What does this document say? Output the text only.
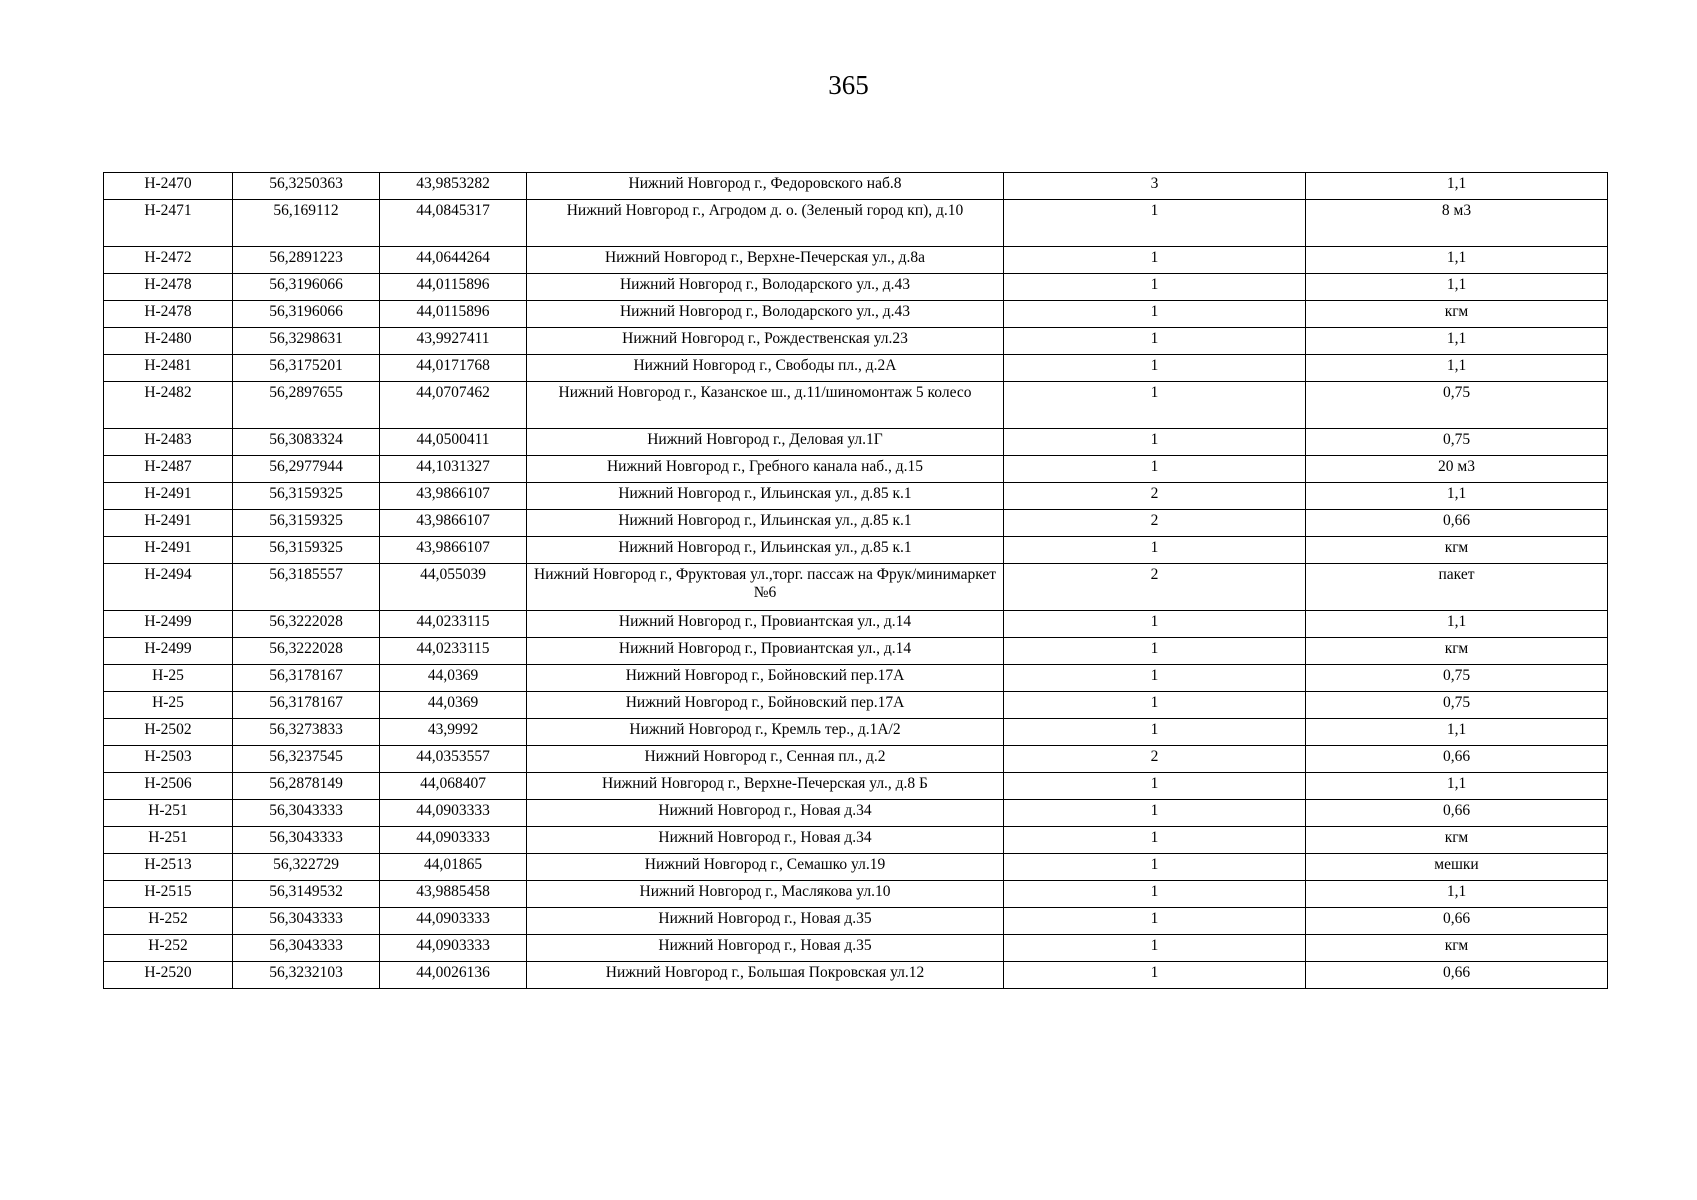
365
Н-2470	56,3250363	43,9853282	Нижний Новгород г., Федоровского наб.8	3	1,1
Н-2471	56,169112	44,0845317	Нижний Новгород г., Агродом д. о. (Зеленый город кп), д.10	1	8 м3
Н-2472	56,2891223	44,0644264	Нижний Новгород г., Верхне-Печерская ул., д.8а	1	1,1
Н-2478	56,3196066	44,0115896	Нижний Новгород г., Володарского ул., д.43	1	1,1
Н-2478	56,3196066	44,0115896	Нижний Новгород г., Володарского ул., д.43	1	кгм
Н-2480	56,3298631	43,9927411	Нижний Новгород г., Рождественская ул.23	1	1,1
Н-2481	56,3175201	44,0171768	Нижний Новгород г., Свободы пл., д.2А	1	1,1
Н-2482	56,2897655	44,0707462	Нижний Новгород г., Казанское ш., д.11/шиномонтаж 5 колесо	1	0,75
Н-2483	56,3083324	44,0500411	Нижний Новгород г., Деловая ул.1Г	1	0,75
Н-2487	56,2977944	44,1031327	Нижний Новгород г., Гребного канала наб., д.15	1	20 м3
Н-2491	56,3159325	43,9866107	Нижний Новгород г., Ильинская ул., д.85 к.1	2	1,1
Н-2491	56,3159325	43,9866107	Нижний Новгород г., Ильинская ул., д.85 к.1	2	0,66
Н-2491	56,3159325	43,9866107	Нижний Новгород г., Ильинская ул., д.85 к.1	1	кгм
Н-2494	56,3185557	44,055039	Нижний Новгород г., Фруктовая ул.,торг. пассаж на Фрук/минимаркет №6	2	пакет
Н-2499	56,3222028	44,0233115	Нижний Новгород г., Провиантская ул., д.14	1	1,1
Н-2499	56,3222028	44,0233115	Нижний Новгород г., Провиантская ул., д.14	1	кгм
Н-25	56,3178167	44,0369	Нижний Новгород г., Бойновский пер.17А	1	0,75
Н-25	56,3178167	44,0369	Нижний Новгород г., Бойновский пер.17А	1	0,75
Н-2502	56,3273833	43,9992	Нижний Новгород г., Кремль тер., д.1А/2	1	1,1
Н-2503	56,3237545	44,0353557	Нижний Новгород г., Сенная пл., д.2	2	0,66
Н-2506	56,2878149	44,068407	Нижний Новгород г., Верхне-Печерская ул., д.8 Б	1	1,1
Н-251	56,3043333	44,0903333	Нижний Новгород г., Новая д.34	1	0,66
Н-251	56,3043333	44,0903333	Нижний Новгород г., Новая д.34	1	кгм
Н-2513	56,322729	44,01865	Нижний Новгород г., Семашко ул.19	1	мешки
Н-2515	56,3149532	43,9885458	Нижний Новгород г., Маслякова ул.10	1	1,1
Н-252	56,3043333	44,0903333	Нижний Новгород г., Новая д.35	1	0,66
Н-252	56,3043333	44,0903333	Нижний Новгород г., Новая д.35	1	кгм
Н-2520	56,3232103	44,0026136	Нижний Новгород г., Большая Покровская ул.12	1	0,66
